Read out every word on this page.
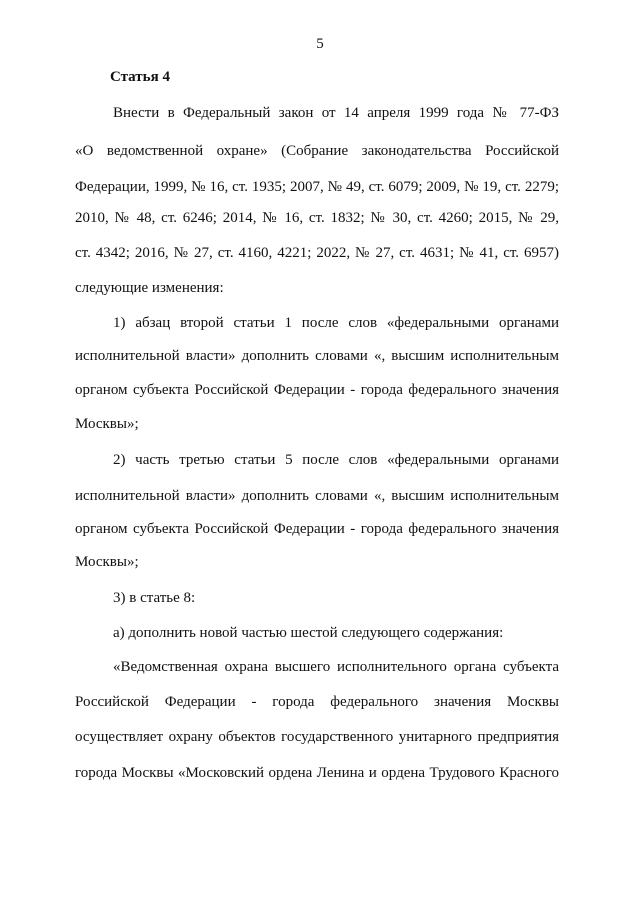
5
Статья 4
Внести в Федеральный закон от 14 апреля 1999 года № 77-ФЗ
«О ведомственной охране» (Собрание законодательства Российской
Федерации, 1999, № 16, ст. 1935; 2007, № 49, ст. 6079; 2009, № 19, ст. 2279;
2010, № 48, ст. 6246; 2014, № 16, ст. 1832; № 30, ст. 4260; 2015, № 29,
ст. 4342; 2016, № 27, ст. 4160, 4221; 2022, № 27, ст. 4631; № 41, ст. 6957)
следующие изменения:
1) абзац второй статьи 1 после слов «федеральными органами
исполнительной власти» дополнить словами «, высшим исполнительным
органом субъекта Российской Федерации - города федерального значения
Москвы»;
2) часть третью статьи 5 после слов «федеральными органами
исполнительной власти» дополнить словами «, высшим исполнительным
органом субъекта Российской Федерации - города федерального значения
Москвы»;
3) в статье 8:
а) дополнить новой частью шестой следующего содержания:
«Ведомственная охрана высшего исполнительного органа субъекта
Российской Федерации - города федерального значения Москвы
осуществляет охрану объектов государственного унитарного предприятия
города Москвы «Московский ордена Ленина и ордена Трудового Красного
